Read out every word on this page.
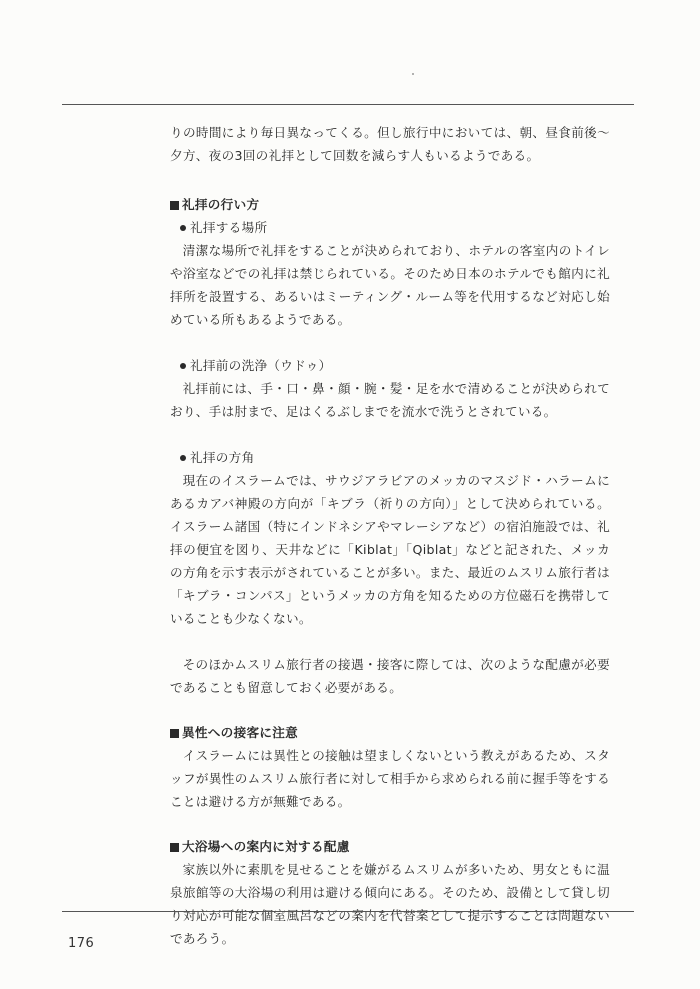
りの時間により毎日異なってくる。但し旅行中においては、朝、昼食前後〜夕方、夜の3回の礼拝として回数を減らす人もいるようである。

礼拝の行い方
礼拝する場所

清潔な場所で礼拝をすることが決められており、ホテルの客室内のトイレや浴室などでの礼拝は禁じられている。そのため日本のホテルでも館内に礼拝所を設置する、あるいはミーティング・ルーム等を代用するなど対応し始めている所もあるようである。

礼拝前の洗浄（ウドゥ）

礼拝前には、手・口・鼻・顔・腕・髪・足を水で清めることが決められており、手は肘まで、足はくるぶしまでを流水で洗うとされている。

礼拝の方角

現在のイスラームでは、サウジアラビアのメッカのマスジド・ハラームにあるカアバ神殿の方向が「キブラ（祈りの方向）」として決められている。イスラーム諸国（特にインドネシアやマレーシアなど）の宿泊施設では、礼拝の便宜を図り、天井などに「Kiblat」「Qiblat」などと記された、メッカの方角を示す表示がされていることが多い。また、最近のムスリム旅行者は「キブラ・コンパス」というメッカの方角を知るための方位磁石を携帯していることも少なくない。

そのほかムスリム旅行者の接遇・接客に際しては、次のような配慮が必要であることも留意しておく必要がある。

異性への接客に注意

イスラームには異性との接触は望ましくないという教えがあるため、スタッフが異性のムスリム旅行者に対して相手から求められる前に握手等をすることは避ける方が無難である。

大浴場への案内に対する配慮

家族以外に素肌を見せることを嫌がるムスリムが多いため、男女ともに温泉旅館等の大浴場の利用は避ける傾向にある。そのため、設備として貸し切り対応が可能な個室風呂などの案内を代替案として提示することは問題ないであろう。

176
